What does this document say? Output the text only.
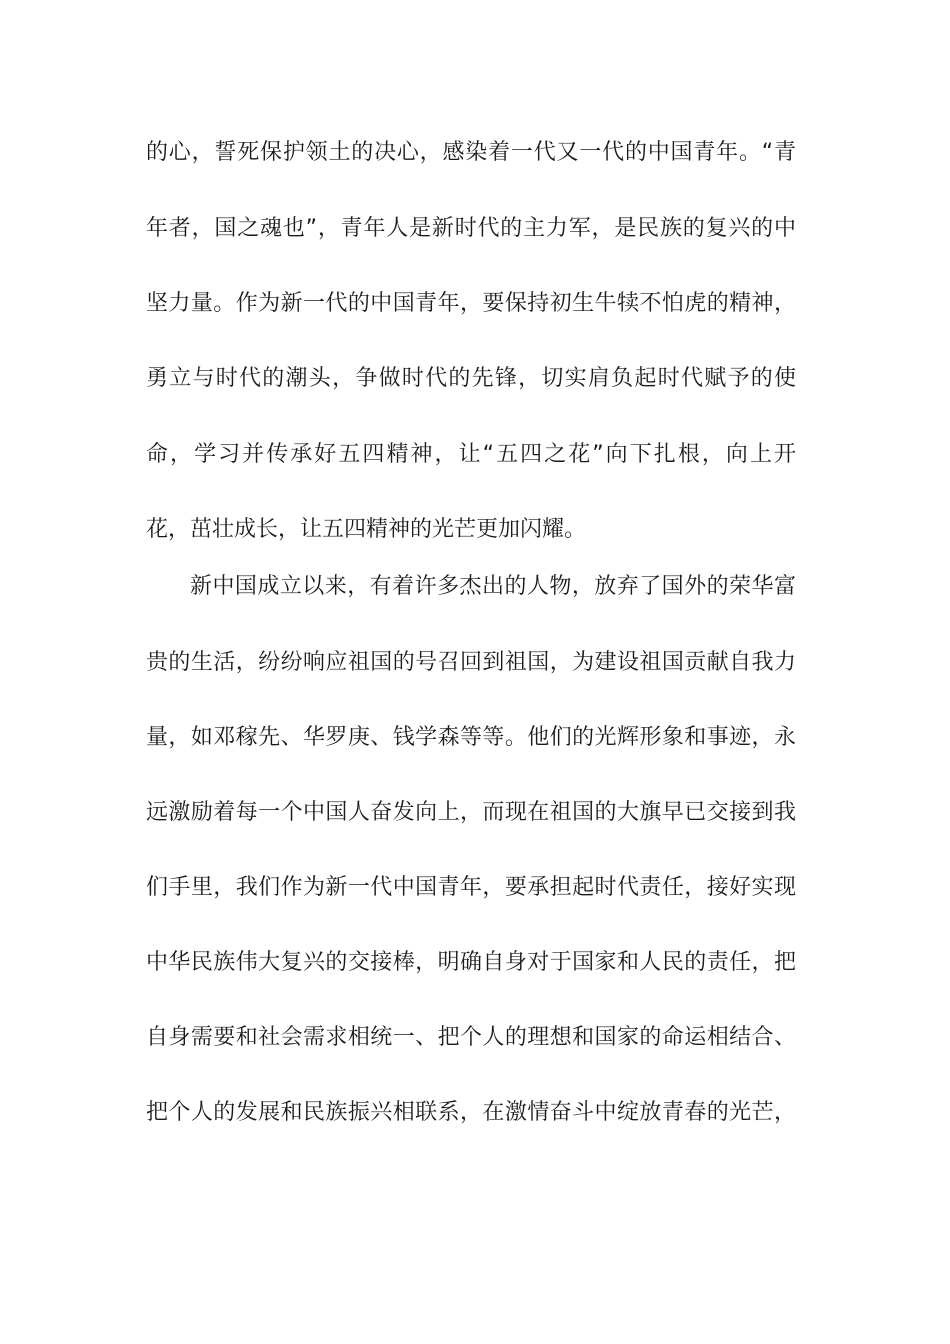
的心，誓死保护领土的决心，感染着一代又一代的中国青年。“青
年者，国之魂也”，青年人是新时代的主力军，是民族的复兴的中
坚力量。作为新一代的中国青年，要保持初生牛犊不怕虎的精神，
勇立与时代的潮头，争做时代的先锋，切实肩负起时代赋予的使
命，学习并传承好五四精神，让“五四之花”向下扎根，向上开
花，茁壮成长，让五四精神的光芒更加闪耀。
新中国成立以来，有着许多杰出的人物，放弃了国外的荣华富
贵的生活，纷纷响应祖国的号召回到祖国，为建设祖国贡献自我力
量，如邓稼先、华罗庚、钱学森等等。他们的光辉形象和事迹，永
远激励着每一个中国人奋发向上，而现在祖国的大旗早已交接到我
们手里，我们作为新一代中国青年，要承担起时代责任，接好实现
中华民族伟大复兴的交接棒，明确自身对于国家和人民的责任，把
自身需要和社会需求相统一、把个人的理想和国家的命运相结合、
把个人的发展和民族振兴相联系，在激情奋斗中绽放青春的光芒，
